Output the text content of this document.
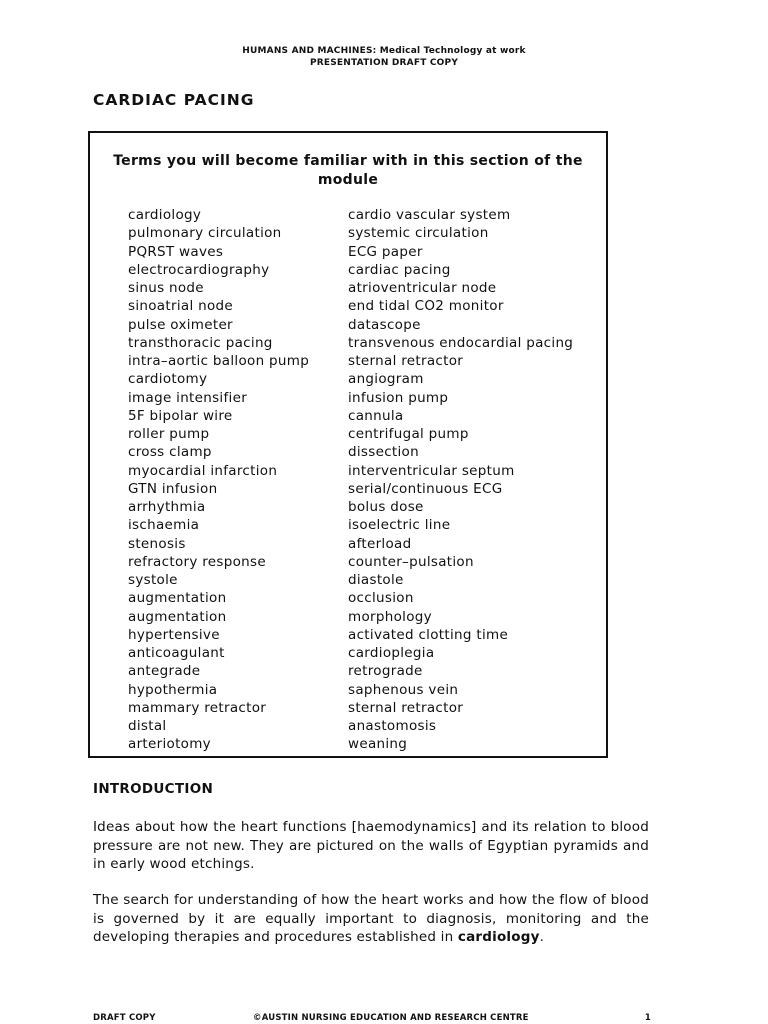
HUMANS AND MACHINES: Medical Technology at work
PRESENTATION DRAFT COPY
CARDIAC PACING
Terms you will become familiar with in this section of the module
cardiology	cardio vascular system
pulmonary circulation	systemic circulation
PQRST waves	ECG paper
electrocardiography	cardiac pacing
sinus node	atrioventricular node
sinoatrial node	end tidal CO2 monitor
pulse oximeter	datascope
transthoracic pacing	transvenous endocardial pacing
intra–aortic balloon pump	sternal retractor
cardiotomy	angiogram
image intensifier	infusion pump
5F bipolar wire	cannula
roller pump	centrifugal pump
cross clamp	dissection
myocardial infarction	interventricular septum
GTN infusion	serial/continuous ECG
arrhythmia	bolus dose
ischaemia	isoelectric line
stenosis	afterload
refractory response	counter–pulsation
systole	diastole
augmentation	occlusion
augmentation	morphology
hypertensive	activated clotting time
anticoagulant	cardioplegia
antegrade	retrograde
hypothermia	saphenous vein
mammary retractor	sternal retractor
distal	anastomosis
arteriotomy	weaning
INTRODUCTION
Ideas about how the heart functions [haemodynamics] and its relation to blood pressure are not new. They are pictured on the walls of Egyptian pyramids and in early wood etchings.
The search for understanding of how the heart works and how the flow of blood is governed by it are equally important to diagnosis, monitoring and the developing therapies and procedures established in cardiology.
DRAFT COPY	©AUSTIN NURSING EDUCATION AND RESEARCH CENTRE	1
